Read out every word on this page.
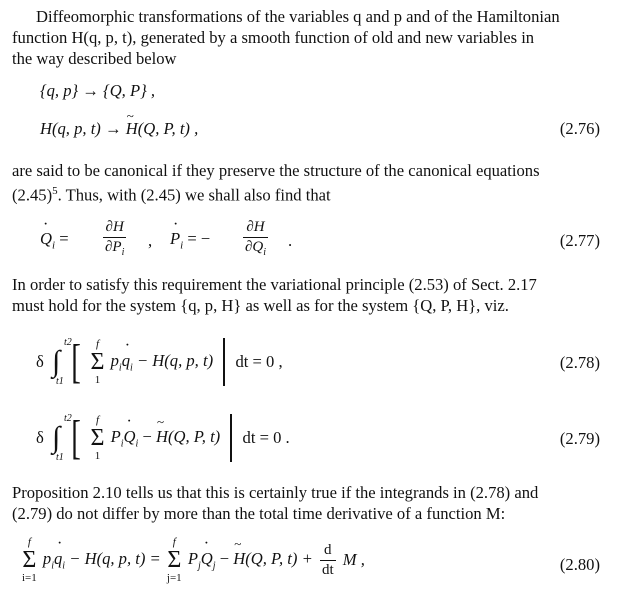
Diffeomorphic transformations of the variables q and p and of the Hamiltonian
function H(q, p, t), generated by a smooth function of old and new variables in
the way described below
{q, p} → {Q, P} ,
H(q, p, t) → H ~(Q, P, t) ,	(2.76)
are said to be canonical if they preserve the structure of the canonical equations
$(2.45)^5$. Thus, with (2.45) we shall also find that
$Q \cdot_i = \frac{\partial H}{\partial P_i}$ , $P \cdot_i$ = − $\frac{\partial H}{\partial Q_i}$ .	(2.77)
In order to satisfy this requirement the variational principle (2.53) of Sect. 2.17
must hold for the system {q, p, H} as well as for the system {Q, P, H}, viz.
δ ∫
t2
t1 [	f
Σ
1
$p_iq \cdot_i - H(q$, p, t) dt = 0 ,	(2.78)
δ ∫
t2
t1 [	f
Σ
1
$P_iQ \cdot_i - H$ ~(Q, P, t) dt = 0 .	(2.79)
Proposition 2.10 tells us that this is certainly true if the integrands in (2.78) and
(2.79) do not differ by more than the total time derivative of a function M:
f
Σ
i=1
$p_iq \cdot_i - H(q$, p, t) =
f
Σ
j=1
$P_jQ \cdot_j - H$ ~(Q, P, $t) + \frac{d}{dt}$ M ,	(2.80)
